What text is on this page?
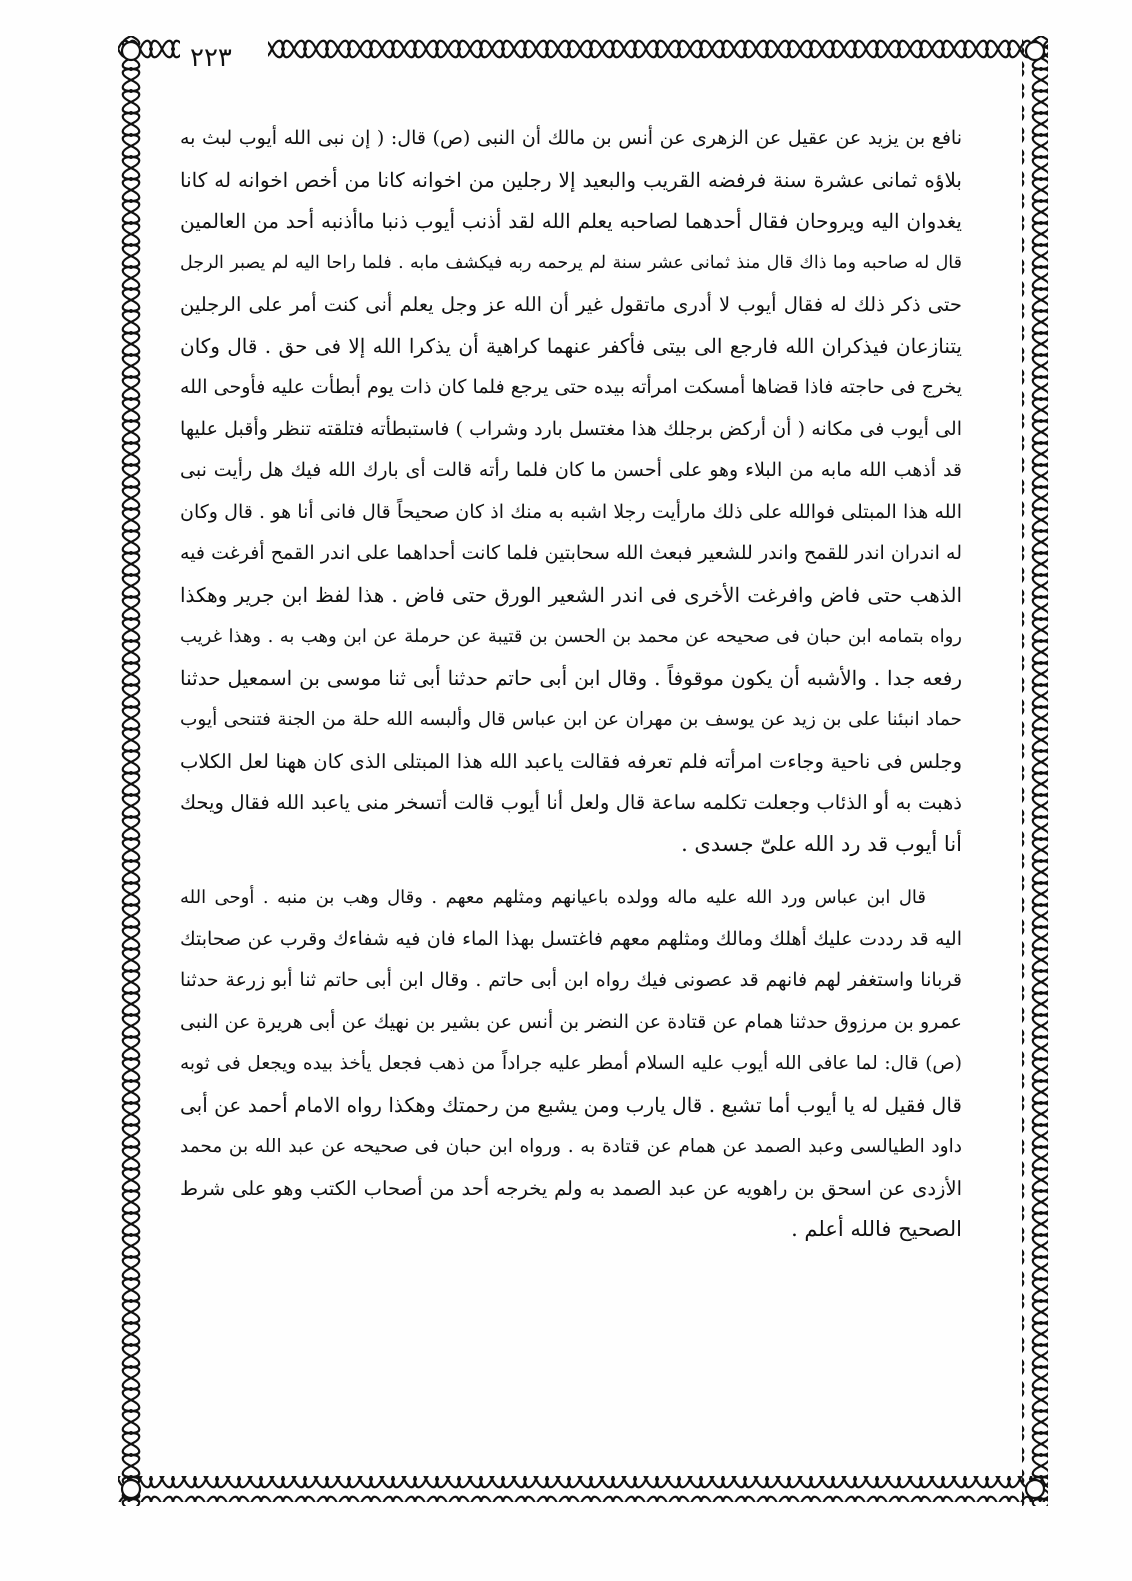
٢٢٣
نافع بن يزيد عن عقيل عن الزهرى عن أنس بن مالك أن النبى (ص) قال: ( إن نبى الله أيوب لبث به
بلاؤه ثمانى عشرة سنة فرفضه القريب والبعيد إلا رجلين من اخوانه كانا من أخص اخوانه له كانا
يغدوان اليه ويروحان فقال أحدهما لصاحبه يعلم الله لقد أذنب أيوب ذنبا ماأذنبه أحد من العالمين
قال له صاحبه وما ذاك قال منذ ثمانى عشر سنة لم يرحمه ربه فيكشف مابه . فلما راحا اليه لم يصبر الرجل
حتى ذكر ذلك له فقال أيوب لا أدرى ماتقول غير أن الله عز وجل يعلم أنى كنت أمر على الرجلين
يتنازعان فيذكران الله فارجع الى بيتى فأكفر عنهما كراهية أن يذكرا الله إلا فى حق . قال وكان
يخرج فى حاجته فاذا قضاها أمسكت امرأته بيده حتى يرجع فلما كان ذات يوم أبطأت عليه فأوحى الله
الى أيوب فى مكانه ( أن أركض برجلك هذا مغتسل بارد وشراب ) فاستبطأته فتلقته تنظر وأقبل عليها
قد أذهب الله مابه من البلاء وهو على أحسن ما كان فلما رأته قالت أى بارك الله فيك هل رأيت نبى
الله هذا المبتلى فوالله على ذلك مارأيت رجلا اشبه به منك اذ كان صحيحاً قال فانى أنا هو . قال وكان
له اندران اندر للقمح واندر للشعير فبعث الله سحابتين فلما كانت أحداهما على اندر القمح أفرغت فيه
الذهب حتى فاض وافرغت الأخرى فى اندر الشعير الورق حتى فاض . هذا لفظ ابن جرير وهكذا
رواه بتمامه ابن حبان فى صحيحه عن محمد بن الحسن بن قتيبة عن حرملة عن ابن وهب به . وهذا غريب
رفعه جدا . والأشبه أن يكون موقوفاً . وقال ابن أبى حاتم حدثنا أبى ثنا موسى بن اسمعيل حدثنا
حماد انبئنا على بن زيد عن يوسف بن مهران عن ابن عباس قال وألبسه الله حلة من الجنة فتنحى أيوب
وجلس فى ناحية وجاءت امرأته فلم تعرفه فقالت ياعبد الله هذا المبتلى الذى كان ههنا لعل الكلاب
ذهبت به أو الذئاب وجعلت تكلمه ساعة قال ولعل أنا أيوب قالت أتسخر منى ياعبد الله فقال ويحك
أنا أيوب قد رد الله علىّ جسدى .
قال ابن عباس ورد الله عليه ماله وولده باعيانهم ومثلهم معهم . وقال وهب بن منبه . أوحى الله
اليه قد رددت عليك أهلك ومالك ومثلهم معهم فاغتسل بهذا الماء فان فيه شفاءك وقرب عن صحابتك
قربانا واستغفر لهم فانهم قد عصونى فيك رواه ابن أبى حاتم . وقال ابن أبى حاتم ثنا أبو زرعة حدثنا
عمرو بن مرزوق حدثنا همام عن قتادة عن النضر بن أنس عن بشير بن نهيك عن أبى هريرة عن النبى
(ص) قال: لما عافى الله أيوب عليه السلام أمطر عليه جراداً من ذهب فجعل يأخذ بيده ويجعل فى ثوبه
قال فقيل له يا أيوب أما تشبع . قال يارب ومن يشبع من رحمتك وهكذا رواه الامام أحمد عن أبى
داود الطيالسى وعبد الصمد عن همام عن قتادة به . ورواه ابن حبان فى صحيحه عن عبد الله بن محمد
الأزدى عن اسحق بن راهويه عن عبد الصمد به ولم يخرجه أحد من أصحاب الكتب وهو على شرط
الصحيح فالله أعلم .
